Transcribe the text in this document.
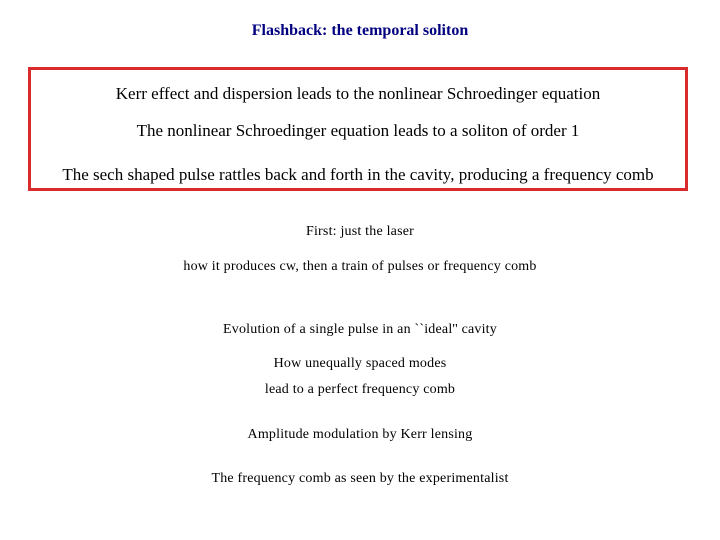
Flashback: the temporal soliton
Kerr effect and dispersion leads to the nonlinear Schroedinger equation
The nonlinear Schroedinger equation leads to a soliton of order 1
The sech shaped pulse rattles back and forth in the cavity, producing a frequency comb
First: just the laser
how it produces cw, then a train of pulses or frequency comb
Evolution of a single pulse in an ``ideal'' cavity
How unequally spaced modes
lead to a perfect frequency comb
Amplitude modulation by Kerr lensing
The frequency comb as seen by the experimentalist
